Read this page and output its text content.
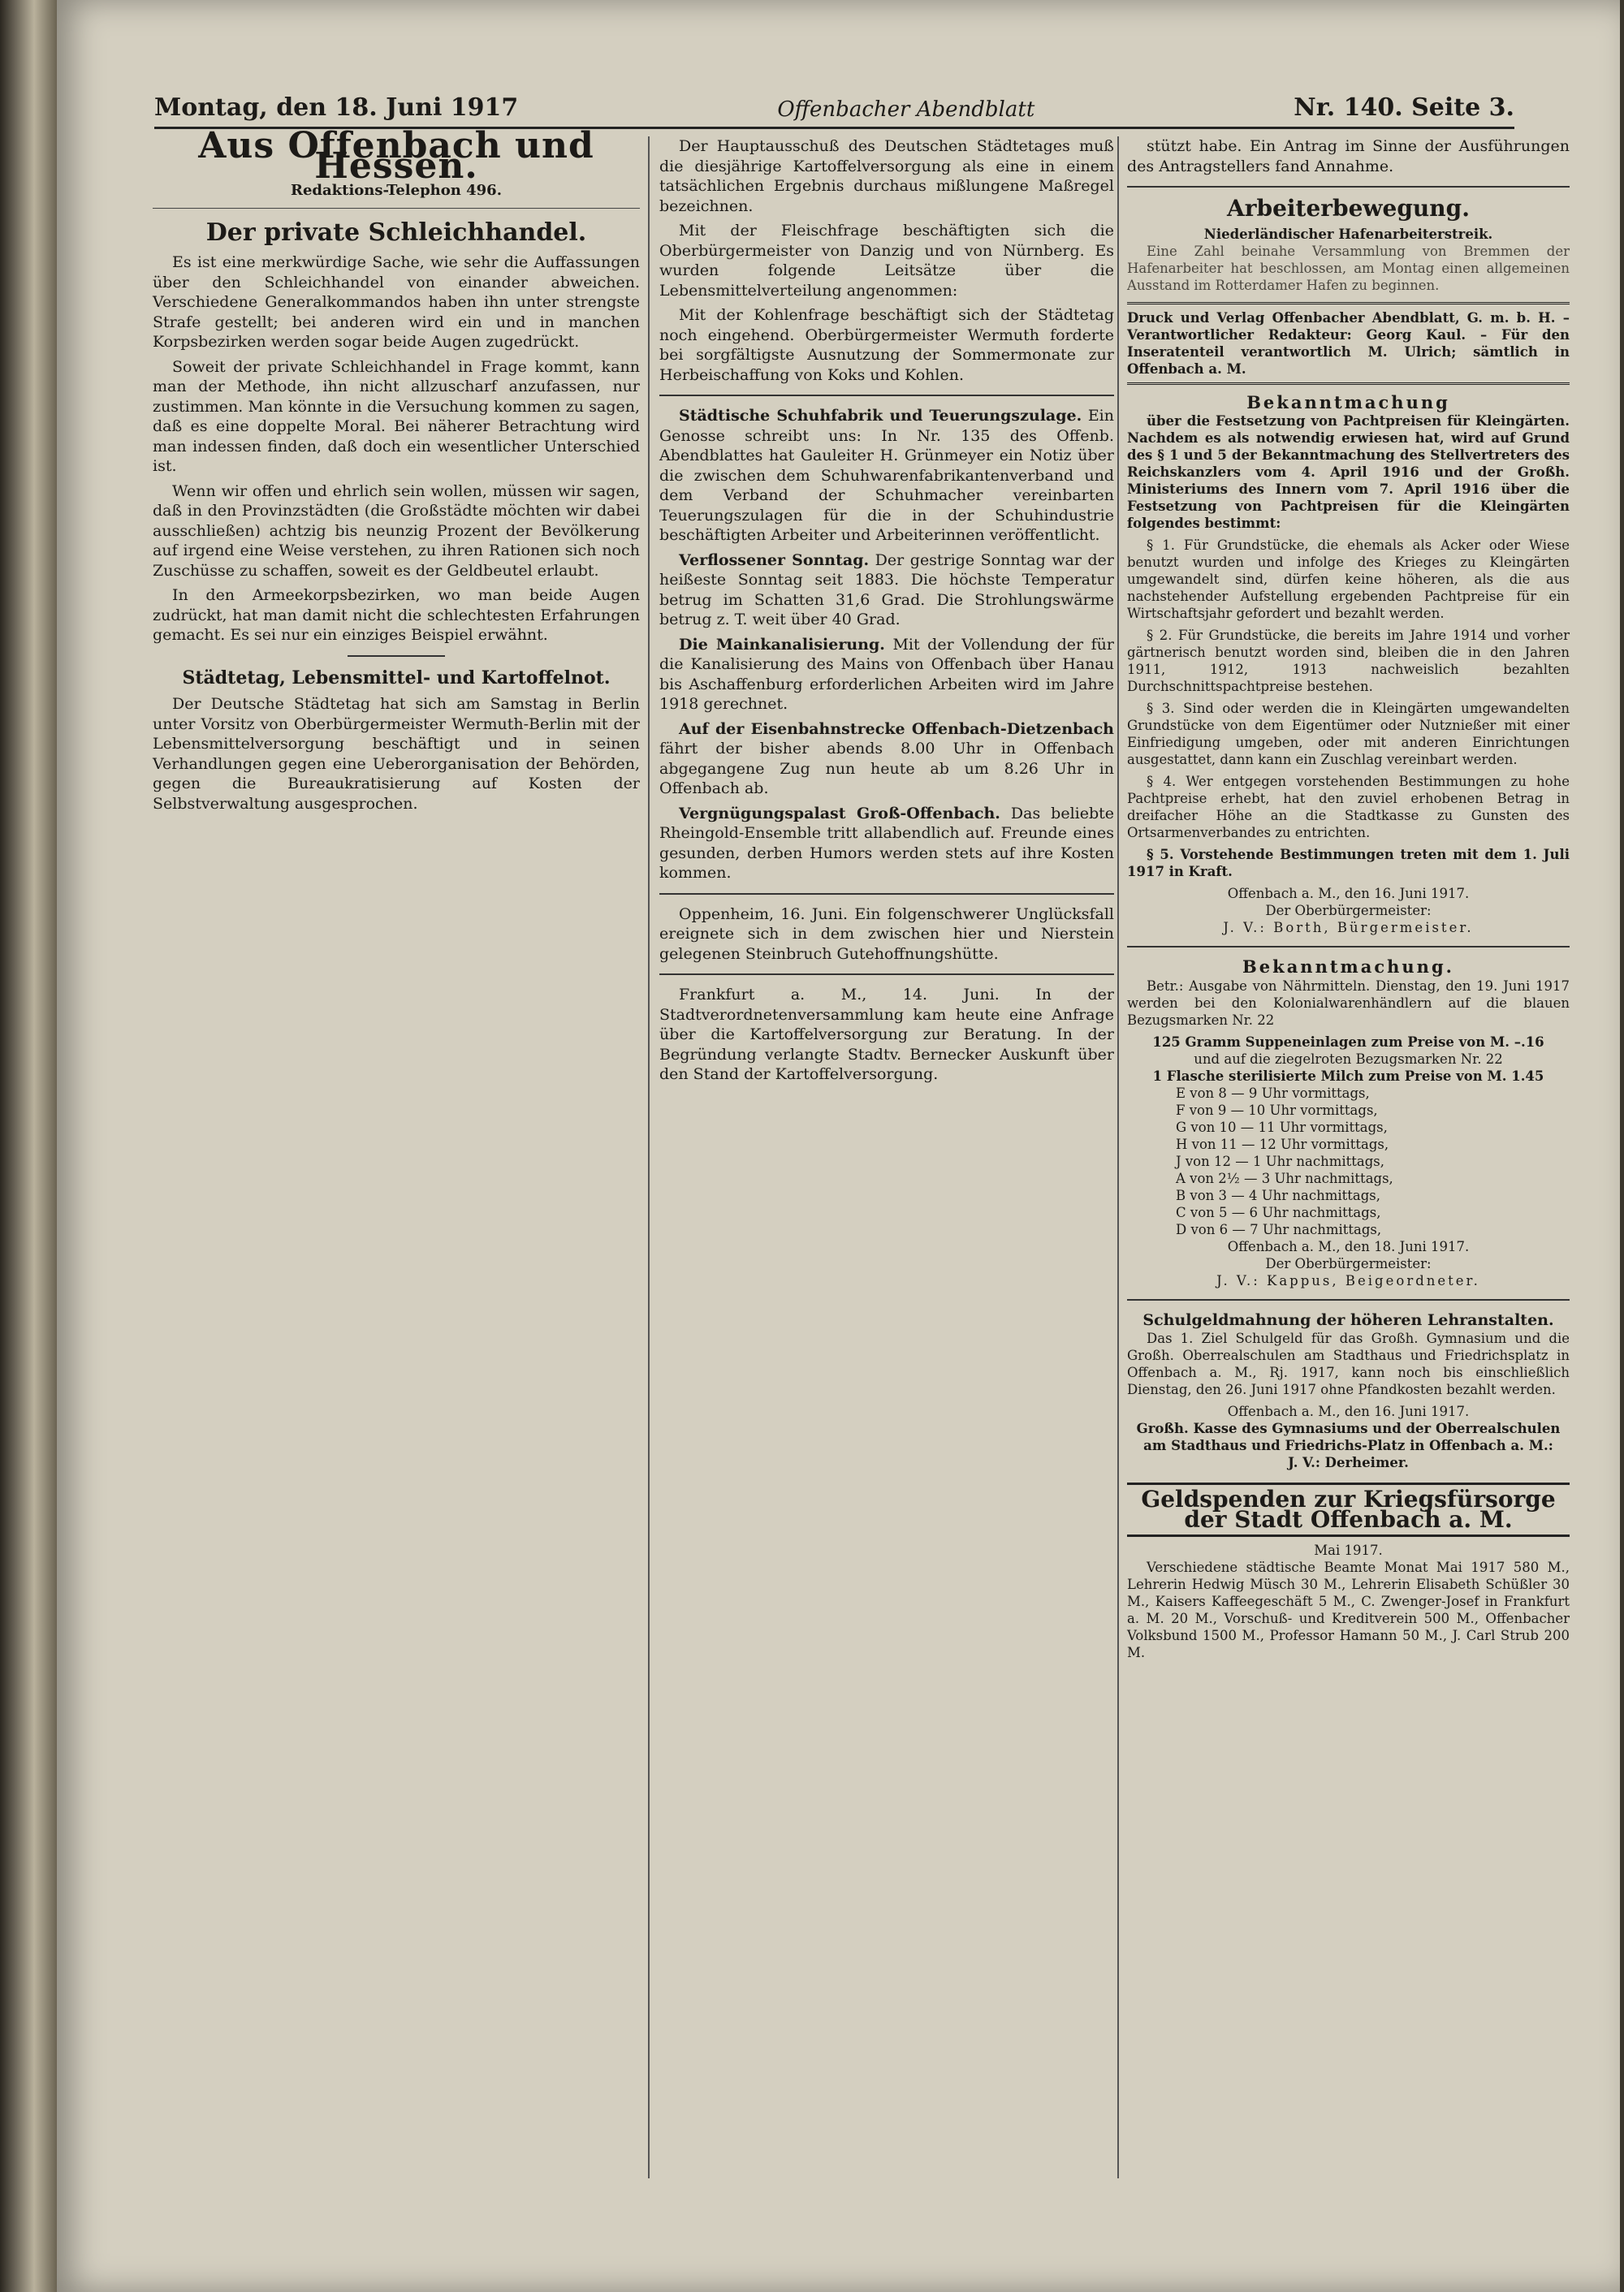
Montag, den 18. Juni 1917	Offenbacher Abendblatt	Nr. 140. Seite 3.
Aus Offenbach und Hessen.
Redaktions-Telephon 496.
Der private Schleichhandel.

Es ist eine merkwürdige Sache, wie sehr die Auffassungen über den Schleichhandel von einander abweichen. Verschiedene Generalkommandos haben ihn unter strengste Strafe gestellt; bei anderen wird ein und in manchen Korpsbezirken werden sogar beide Augen zugedrückt.

Soweit der private Schleichhandel in Frage kommt, kann man der Methode, ihn nicht allzuscharf anzufassen, nur zustimmen. Man könnte in die Versuchung kommen zu sagen, daß es eine doppelte Moral. Bei näherer Betrachtung wird man indessen finden, daß doch ein wesentlicher Unterschied ist.

Wenn wir offen und ehrlich sein wollen, müssen wir sagen, daß in den Provinzstädten (die Großstädte möchten wir dabei ausschließen) achtzig bis neunzig Prozent der Bevölkerung auf irgend eine Weise verstehen, zu ihren Rationen sich noch Zuschüsse zu schaffen, soweit es der Geldbeutel erlaubt.

In den Armeekorpsbezirken, wo man beide Augen zudrückt, hat man damit nicht die schlechtesten Erfahrungen gemacht. Es sei nur ein einziges Beispiel erwähnt.

Städtetag, Lebensmittel- und Kartoffelnot.

Der Deutsche Städtetag hat sich am Samstag in Berlin unter Vorsitz von Oberbürgermeister Wermuth-Berlin mit der Lebensmittelversorgung beschäftigt und in seinen Verhandlungen gegen eine Ueberorganisation der Behörden, gegen die Bureaukratisierung auf Kosten der Selbstverwaltung ausgesprochen.

Der Hauptausschuß des Deutschen Städtetages muß die diesjährige Kartoffelversorgung als eine in einem tatsächlichen Ergebnis durchaus mißlungene Maßregel bezeichnen.

Mit der Fleischfrage beschäftigten sich die Oberbürgermeister von Danzig und von Nürnberg. Es wurden folgende Leitsätze über die Lebensmittelverteilung angenommen:

Mit der Kohlenfrage beschäftigt sich der Städtetag noch eingehend. Oberbürgermeister Wermuth forderte bei sorgfältigste Ausnutzung der Sommermonate zur Herbeischaffung von Koks und Kohlen.

Städtische Schuhfabrik und Teuerungszulage. Ein Genosse schreibt uns: In Nr. 135 des Offenb. Abendblattes hat Gauleiter H. Grünmeyer ein Notiz über die zwischen dem Schuhwarenfabrikantenverband und dem Verband der Schuhmacher vereinbarten Teuerungszulagen für die in der Schuhindustrie beschäftigten Arbeiter und Arbeiterinnen veröffentlicht.

Verflossener Sonntag. Der gestrige Sonntag war der heißeste Sonntag seit 1883. Die höchste Temperatur betrug im Schatten 31,6 Grad. Die Strohlungswärme betrug z. T. weit über 40 Grad.

Die Mainkanalisierung. Mit der Vollendung der für die Kanalisierung des Mains von Offenbach über Hanau bis Aschaffenburg erforderlichen Arbeiten wird im Jahre 1918 gerechnet.

Auf der Eisenbahnstrecke Offenbach-Dietzenbach fährt der bisher abends 8.00 Uhr in Offenbach abgegangene Zug nun heute ab um 8.26 Uhr in Offenbach ab.

Vergnügungspalast Groß-Offenbach. Das beliebte Rheingold-Ensemble tritt allabendlich auf. Freunde eines gesunden, derben Humors werden stets auf ihre Kosten kommen.

Oppenheim, 16. Juni. Ein folgenschwerer Unglücksfall ereignete sich in dem zwischen hier und Nierstein gelegenen Steinbruch Gutehoffnungshütte.

Frankfurt a. M., 14. Juni. In der Stadtverordnetenversammlung kam heute eine Anfrage über die Kartoffelversorgung zur Beratung. In der Begründung verlangte Stadtv. Bernecker Auskunft über den Stand der Kartoffelversorgung.

stützt habe. Ein Antrag im Sinne der Ausführungen des Antragstellers fand Annahme.

Arbeiterbewegung.
Niederländischer Hafenarbeiterstreik.

Eine Zahl beinahe Versammlung von Bremmen der Hafenarbeiter hat beschlossen, am Montag einen allgemeinen Ausstand im Rotterdamer Hafen zu beginnen.

Druck und Verlag Offenbacher Abendblatt, G. m. b. H. – Verantwortlicher Redakteur: Georg Kaul. – Für den Inseratenteil verantwortlich M. Ulrich; sämtlich in Offenbach a. M.
Bekanntmachung

über die Festsetzung von Pachtpreisen für Kleingärten. Nachdem es als notwendig erwiesen hat, wird auf Grund des § 1 und 5 der Bekanntmachung des Stellvertreters des Reichskanzlers vom 4. April 1916 und der Großh. Ministeriums des Innern vom 7. April 1916 über die Festsetzung von Pachtpreisen für die Kleingärten folgendes bestimmt:

§ 1. Für Grundstücke, die ehemals als Acker oder Wiese benutzt wurden und infolge des Krieges zu Kleingärten umgewandelt sind, dürfen keine höheren, als die aus nachstehender Aufstellung ergebenden Pachtpreise für ein Wirtschaftsjahr gefordert und bezahlt werden.

§ 2. Für Grundstücke, die bereits im Jahre 1914 und vorher gärtnerisch benutzt worden sind, bleiben die in den Jahren 1911, 1912, 1913 nachweislich bezahlten Durchschnittspachtpreise bestehen.

§ 3. Sind oder werden die in Kleingärten umgewandelten Grundstücke von dem Eigentümer oder Nutznießer mit einer Einfriedigung umgeben, oder mit anderen Einrichtungen ausgestattet, dann kann ein Zuschlag vereinbart werden.

§ 4. Wer entgegen vorstehenden Bestimmungen zu hohe Pachtpreise erhebt, hat den zuviel erhobenen Betrag in dreifacher Höhe an die Stadtkasse zu Gunsten des Ortsarmenverbandes zu entrichten.

§ 5. Vorstehende Bestimmungen treten mit dem 1. Juli 1917 in Kraft.

Offenbach a. M., den 16. Juni 1917.
Der Oberbürgermeister:
J. V.: Borth, Bürgermeister.
Bekanntmachung.

Betr.: Ausgabe von Nährmitteln. Dienstag, den 19. Juni 1917 werden bei den Kolonialwarenhändlern auf die blauen Bezugsmarken Nr. 22

125 Gramm Suppeneinlagen zum Preise von M. –.16
und auf die ziegelroten Bezugsmarken Nr. 22
1 Flasche sterilisierte Milch zum Preise von M. 1.45
E von 8 — 9 Uhr vormittags,
F von 9 — 10 Uhr vormittags,
G von 10 — 11 Uhr vormittags,
H von 11 — 12 Uhr vormittags,
J von 12 — 1 Uhr nachmittags,
A von 2½ — 3 Uhr nachmittags,
B von 3 — 4 Uhr nachmittags,
C von 5 — 6 Uhr nachmittags,
D von 6 — 7 Uhr nachmittags,
Offenbach a. M., den 18. Juni 1917.
Der Oberbürgermeister:
J. V.: Kappus, Beigeordneter.
Schulgeldmahnung der höheren Lehranstalten.

Das 1. Ziel Schulgeld für das Großh. Gymnasium und die Großh. Oberrealschulen am Stadthaus und Friedrichsplatz in Offenbach a. M., Rj. 1917, kann noch bis einschließlich Dienstag, den 26. Juni 1917 ohne Pfandkosten bezahlt werden.

Offenbach a. M., den 16. Juni 1917.
Großh. Kasse des Gymnasiums und der Oberrealschulen am Stadthaus und Friedrichs-Platz in Offenbach a. M.:
J. V.: Derheimer.
Geldspenden zur Kriegsfürsorge der Stadt Offenbach a. M.
Mai 1917.

Verschiedene städtische Beamte Monat Mai 1917 580 M., Lehrerin Hedwig Müsch 30 M., Lehrerin Elisabeth Schüßler 30 M., Kaisers Kaffeegeschäft 5 M., C. Zwenger-Josef in Frankfurt a. M. 20 M., Vorschuß- und Kreditverein 500 M., Offenbacher Volksbund 1500 M., Professor Hamann 50 M., J. Carl Strub 200 M.
